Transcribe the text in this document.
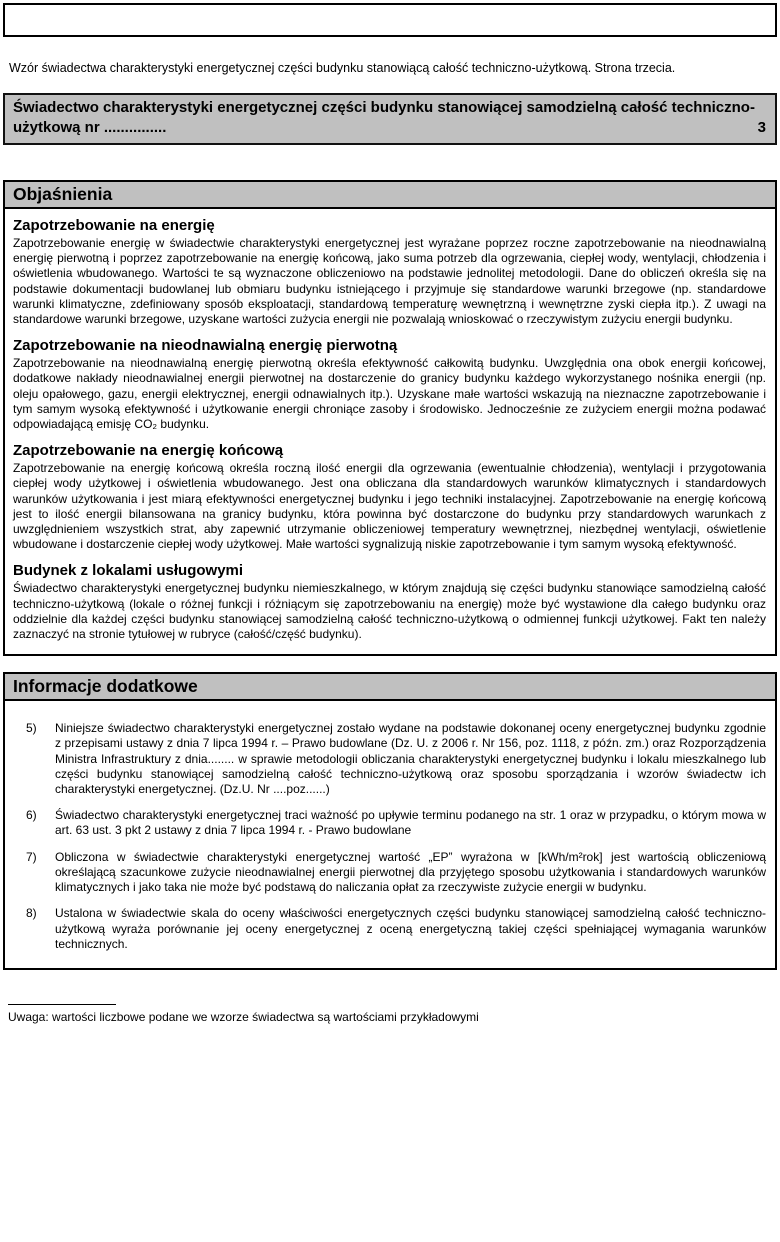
Wzór świadectwa charakterystyki energetycznej części budynku stanowiącą całość techniczno-użytkową. Strona trzecia.
Świadectwo charakterystyki energetycznej części budynku stanowiącej samodzielną całość techniczno-użytkową nr ...............	3
Objaśnienia
Zapotrzebowanie na energię

Zapotrzebowanie energię w świadectwie charakterystyki energetycznej jest wyrażane poprzez roczne zapotrzebowanie na nieodnawialną energię pierwotną i poprzez zapotrzebowanie na energię końcową, jako suma potrzeb dla ogrzewania, ciepłej wody, wentylacji, chłodzenia i oświetlenia wbudowanego. Wartości te są wyznaczone obliczeniowo na podstawie jednolitej metodologii. Dane do obliczeń określa się na podstawie dokumentacji budowlanej lub obmiaru budynku istniejącego i przyjmuje się standardowe warunki brzegowe (np. standardowe warunki klimatyczne, zdefiniowany sposób eksploatacji, standardową temperaturę wewnętrzną i wewnętrzne zyski ciepła itp.). Z uwagi na standardowe warunki brzegowe, uzyskane wartości zużycia energii nie pozwalają wnioskować o rzeczywistym zużyciu energii budynku.

Zapotrzebowanie na nieodnawialną energię pierwotną

Zapotrzebowanie na nieodnawialną energię pierwotną określa efektywność całkowitą budynku. Uwzględnia ona obok energii końcowej, dodatkowe nakłady nieodnawialnej energii pierwotnej na dostarczenie do granicy budynku każdego wykorzystanego nośnika energii (np. oleju opałowego, gazu, energii elektrycznej, energii odnawialnych itp.). Uzyskane małe wartości wskazują na nieznaczne zapotrzebowanie i tym samym wysoką efektywność i użytkowanie energii chroniące zasoby i środowisko. Jednocześnie ze zużyciem energii można podawać odpowiadającą emisję CO₂ budynku.

Zapotrzebowanie na energię końcową

Zapotrzebowanie na energię końcową określa roczną ilość energii dla ogrzewania (ewentualnie chłodzenia), wentylacji i przygotowania ciepłej wody użytkowej i oświetlenia wbudowanego. Jest ona obliczana dla standardowych warunków klimatycznych i standardowych warunków użytkowania i jest miarą efektywności energetycznej budynku i jego techniki instalacyjnej. Zapotrzebowanie na energię końcową jest to ilość energii bilansowana na granicy budynku, która powinna być dostarczone do budynku przy standardowych warunkach z uwzględnieniem wszystkich strat, aby zapewnić utrzymanie obliczeniowej temperatury wewnętrznej, niezbędnej wentylacji, oświetlenie wbudowane i dostarczenie ciepłej wody użytkowej. Małe wartości sygnalizują niskie zapotrzebowanie i tym samym wysoką efektywność.

Budynek z lokalami usługowymi

Świadectwo charakterystyki energetycznej budynku niemieszkalnego, w którym znajdują się części budynku stanowiące samodzielną całość techniczno-użytkową (lokale o różnej funkcji i różniącym się zapotrzebowaniu na energię) może być wystawione dla całego budynku oraz oddzielnie dla każdej części budynku stanowiącej samodzielną całość techniczno-użytkową o odmiennej funkcji użytkowej. Fakt ten należy zaznaczyć na stronie tytułowej w rubryce (całość/część budynku).

Informacje dodatkowe
5)	Niniejsze świadectwo charakterystyki energetycznej zostało wydane na podstawie dokonanej oceny energetycznej budynku zgodnie z przepisami ustawy z dnia 7 lipca 1994 r. – Prawo budowlane (Dz. U. z 2006 r. Nr 156, poz. 1118, z późn. zm.) oraz Rozporządzenia Ministra Infrastruktury z dnia........ w sprawie metodologii obliczania charakterystyki energetycznej budynku i lokalu mieszkalnego lub części budynku stanowiącej samodzielną całość techniczno-użytkową oraz sposobu sporządzania i wzorów świadectw ich charakterystyki energetycznej. (Dz.U. Nr ....poz......)
6)	Świadectwo charakterystyki energetycznej traci ważność po upływie terminu podanego na str. 1 oraz w przypadku, o którym mowa w art. 63 ust. 3 pkt 2 ustawy z dnia 7 lipca 1994 r. - Prawo budowlane
7)	Obliczona w świadectwie charakterystyki energetycznej wartość „EP” wyrażona w [kWh/m²rok] jest wartością obliczeniową określającą szacunkowe zużycie nieodnawialnej energii pierwotnej dla przyjętego sposobu użytkowania i standardowych warunków klimatycznych i jako taka nie może być podstawą do naliczania opłat za rzeczywiste zużycie energii w budynku.
8)	Ustalona w świadectwie skala do oceny właściwości energetycznych części budynku stanowiącej samodzielną całość techniczno-użytkową wyraża porównanie jej oceny energetycznej z oceną energetyczną takiej części spełniającej wymagania warunków technicznych.
Uwaga: wartości liczbowe podane we wzorze świadectwa są wartościami przykładowymi
